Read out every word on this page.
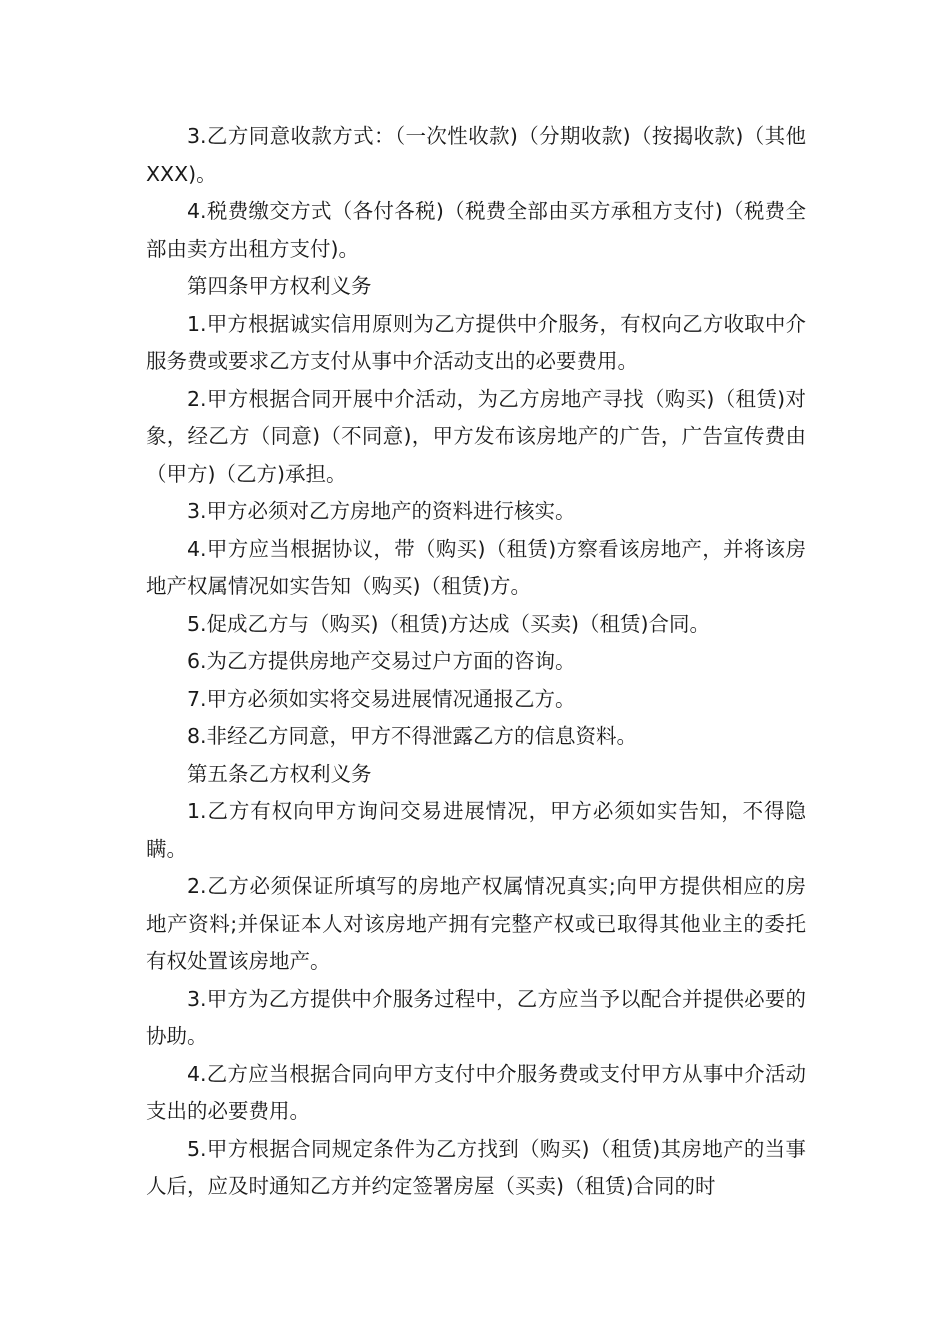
3.乙方同意收款方式：（一次性收款)（分期收款)（按揭收款)（其他XXX)。

4.税费缴交方式（各付各税)（税费全部由买方承租方支付)（税费全部由卖方出租方支付)。

第四条甲方权利义务

1.甲方根据诚实信用原则为乙方提供中介服务，有权向乙方收取中介服务费或要求乙方支付从事中介活动支出的必要费用。

2.甲方根据合同开展中介活动，为乙方房地产寻找（购买)（租赁)对象，经乙方（同意)（不同意)，甲方发布该房地产的广告，广告宣传费由（甲方)（乙方)承担。

3.甲方必须对乙方房地产的资料进行核实。

4.甲方应当根据协议，带（购买)（租赁)方察看该房地产，并将该房地产权属情况如实告知（购买)（租赁)方。

5.促成乙方与（购买)（租赁)方达成（买卖)（租赁)合同。

6.为乙方提供房地产交易过户方面的咨询。

7.甲方必须如实将交易进展情况通报乙方。

8.非经乙方同意，甲方不得泄露乙方的信息资料。

第五条乙方权利义务

1.乙方有权向甲方询问交易进展情况，甲方必须如实告知，不得隐瞒。

2.乙方必须保证所填写的房地产权属情况真实;向甲方提供相应的房地产资料;并保证本人对该房地产拥有完整产权或已取得其他业主的委托有权处置该房地产。

3.甲方为乙方提供中介服务过程中，乙方应当予以配合并提供必要的协助。

4.乙方应当根据合同向甲方支付中介服务费或支付甲方从事中介活动支出的必要费用。

5.甲方根据合同规定条件为乙方找到（购买)（租赁)其房地产的当事人后，应及时通知乙方并约定签署房屋（买卖)（租赁)合同的时
